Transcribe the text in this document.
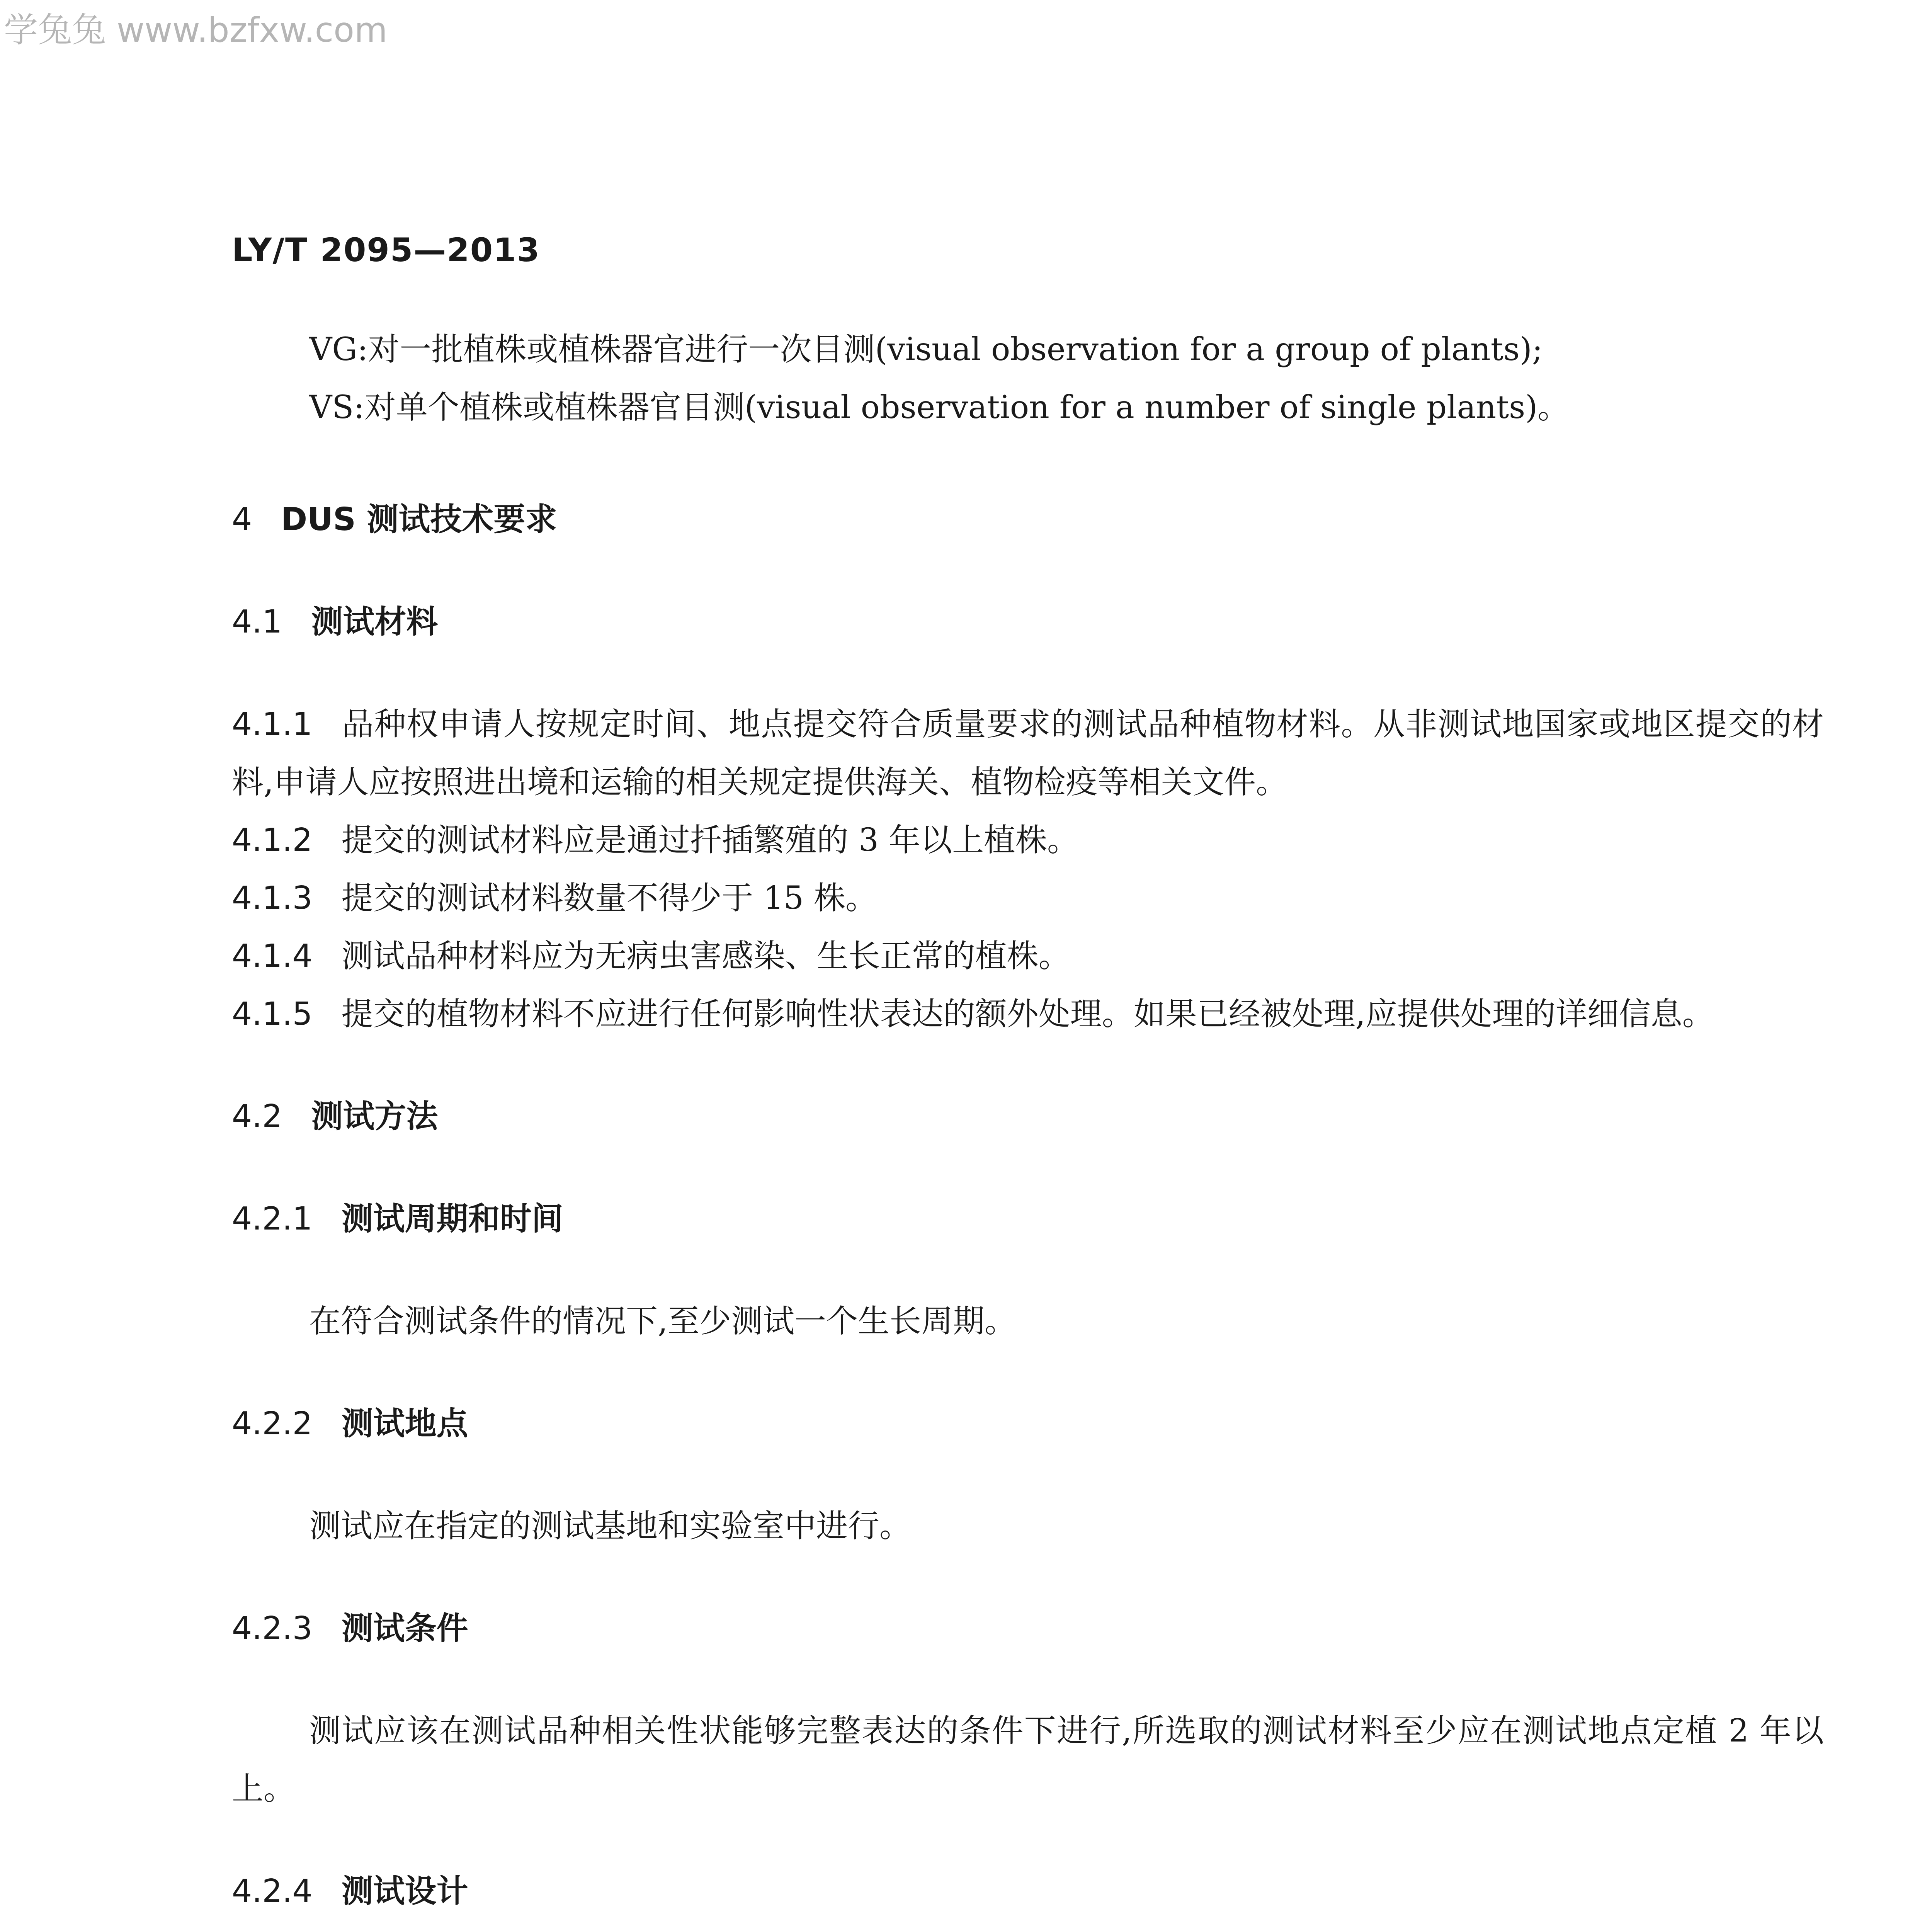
学兔兔 www.bzfxw.com
LY/T 2095—2013

VG:对一批植株或植株器官进行一次目测(visual observation for a group of plants);

VS:对单个植株或植株器官目测(visual observation for a number of single plants)。

4 DUS 测试技术要求

4.1 测试材料

4.1.1 品种权申请人按规定时间、地点提交符合质量要求的测试品种植物材料。从非测试地国家或地区提交的材料,申请人应按照进出境和运输的相关规定提供海关、植物检疫等相关文件。

4.1.2 提交的测试材料应是通过扦插繁殖的 3 年以上植株。

4.1.3 提交的测试材料数量不得少于 15 株。

4.1.4 测试品种材料应为无病虫害感染、生长正常的植株。

4.1.5 提交的植物材料不应进行任何影响性状表达的额外处理。如果已经被处理,应提供处理的详细信息。

4.2 测试方法

4.2.1 测试周期和时间

在符合测试条件的情况下,至少测试一个生长周期。

4.2.2 测试地点

测试应在指定的测试基地和实验室中进行。

4.2.3 测试条件

测试应该在测试品种相关性状能够完整表达的条件下进行,所选取的测试材料至少应在测试地点定植 2 年以上。

4.2.4 测试设计
